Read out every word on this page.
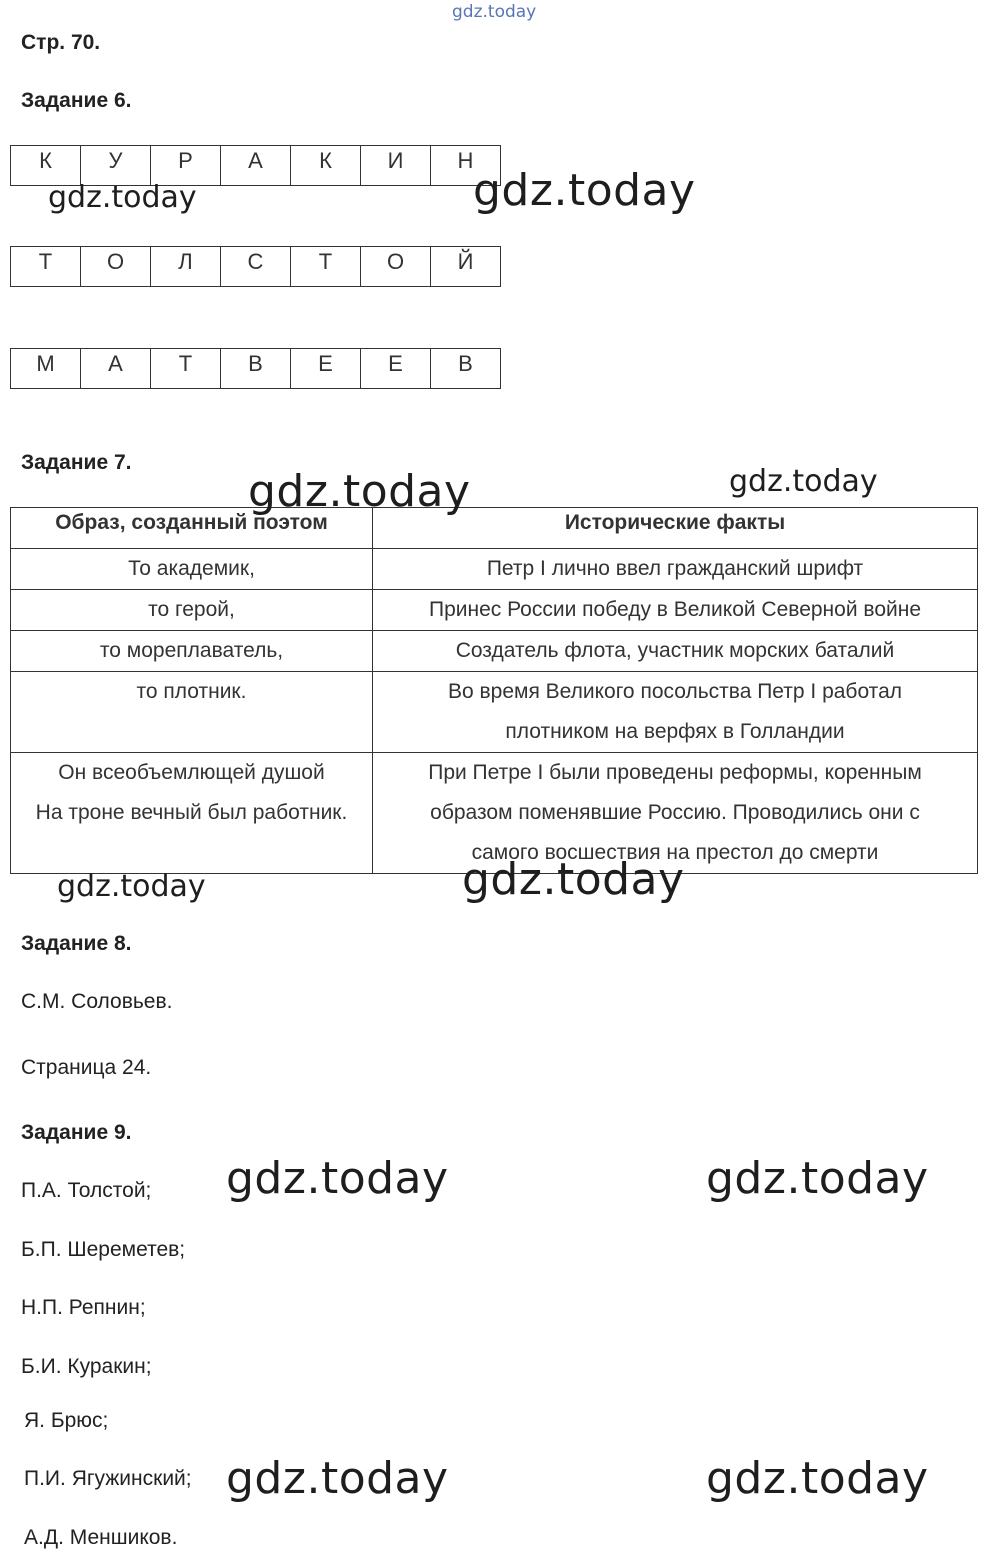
Стр. 70.
Задание 6.
К	У	Р	А	К	И	Н
Т	О	Л	С	Т	О	Й
М	А	Т	В	Е	Е	В
Задание 7.
Образ, созданный поэтом	Исторические факты

То академик,	Петр I лично ввел гражданский шрифт

то герой,	Принес России победу в Великой Северной войне

то мореплаватель,	Создатель флота, участник морских баталий

то плотник.	Во время Великого посольства Петр I работал
плотником на верфях в Голландии

Он всеобъемлющей душой
На троне вечный был работник.	При Петре I были проведены реформы, коренным
образом поменявшие Россию. Проводились они с
самого восшествия на престол до смерти
Задание 8.
С.М. Соловьев.
Страница 24.
Задание 9.
П.А. Толстой;
Б.П. Шереметев;
Н.П. Репнин;
Б.И. Куракин;
Я. Брюс;
П.И. Ягужинский;
А.Д. Меншиков.
gdz.today
gdz.today	gdz.today
gdz.today	gdz.today
gdz.today	gdz.today
gdz.today	gdz.today
gdz.today	gdz.today
